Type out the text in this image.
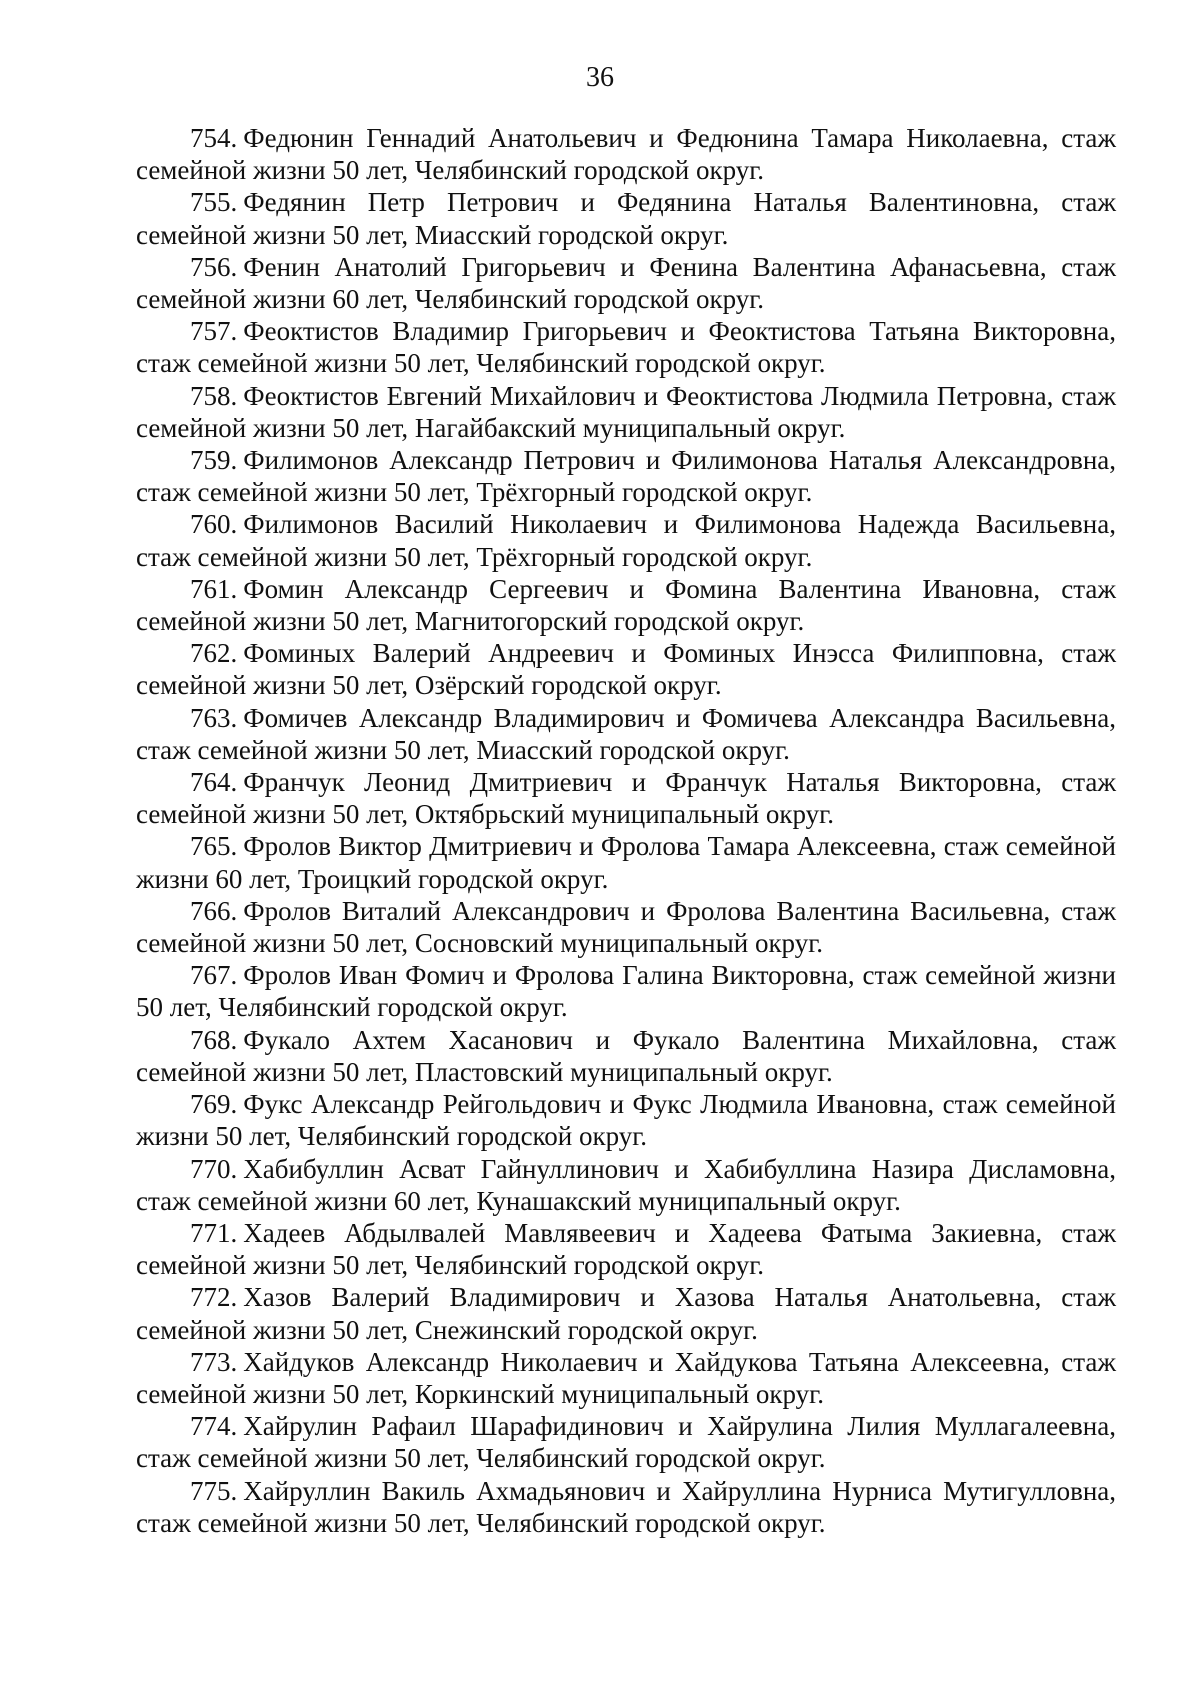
36
754. Федюнин Геннадий Анатольевич и Федюнина Тамара Николаевна, стаж семейной жизни 50 лет, Челябинский городской округ.
755. Федянин Петр Петрович и Федянина Наталья Валентиновна, стаж семейной жизни 50 лет, Миасский городской округ.
756. Фенин Анатолий Григорьевич и Фенина Валентина Афанасьевна, стаж семейной жизни 60 лет, Челябинский городской округ.
757. Феоктистов Владимир Григорьевич и Феоктистова Татьяна Викторовна, стаж семейной жизни 50 лет, Челябинский городской округ.
758. Феоктистов Евгений Михайлович и Феоктистова Людмила Петровна, стаж семейной жизни 50 лет, Нагайбакский муниципальный округ.
759. Филимонов Александр Петрович и Филимонова Наталья Александровна, стаж семейной жизни 50 лет, Трёхгорный городской округ.
760. Филимонов Василий Николаевич и Филимонова Надежда Васильевна, стаж семейной жизни 50 лет, Трёхгорный городской округ.
761. Фомин Александр Сергеевич и Фомина Валентина Ивановна, стаж семейной жизни 50 лет, Магнитогорский городской округ.
762. Фоминых Валерий Андреевич и Фоминых Инэсса Филипповна, стаж семейной жизни 50 лет, Озёрский городской округ.
763. Фомичев Александр Владимирович и Фомичева Александра Васильевна, стаж семейной жизни 50 лет, Миасский городской округ.
764. Франчук Леонид Дмитриевич и Франчук Наталья Викторовна, стаж семейной жизни 50 лет, Октябрьский муниципальный округ.
765. Фролов Виктор Дмитриевич и Фролова Тамара Алексеевна, стаж семейной жизни 60 лет, Троицкий городской округ.
766. Фролов Виталий Александрович и Фролова Валентина Васильевна, стаж семейной жизни 50 лет, Сосновский муниципальный округ.
767. Фролов Иван Фомич и Фролова Галина Викторовна, стаж семейной жизни 50 лет, Челябинский городской округ.
768. Фукало Ахтем Хасанович и Фукало Валентина Михайловна, стаж семейной жизни 50 лет, Пластовский муниципальный округ.
769. Фукс Александр Рейгольдович и Фукс Людмила Ивановна, стаж семейной жизни 50 лет, Челябинский городской округ.
770. Хабибуллин Асват Гайнуллинович и Хабибуллина Назира Дисламовна, стаж семейной жизни 60 лет, Кунашакский муниципальный округ.
771. Хадеев Абдылвалей Мавлявеевич и Хадеева Фатыма Закиевна, стаж семейной жизни 50 лет, Челябинский городской округ.
772. Хазов Валерий Владимирович и Хазова Наталья Анатольевна, стаж семейной жизни 50 лет, Снежинский городской округ.
773. Хайдуков Александр Николаевич и Хайдукова Татьяна Алексеевна, стаж семейной жизни 50 лет, Коркинский муниципальный округ.
774. Хайрулин Рафаил Шарафидинович и Хайрулина Лилия Муллагалеевна, стаж семейной жизни 50 лет, Челябинский городской округ.
775. Хайруллин Вакиль Ахмадьянович и Хайруллина Нурниса Мутигулловна, стаж семейной жизни 50 лет, Челябинский городской округ.
